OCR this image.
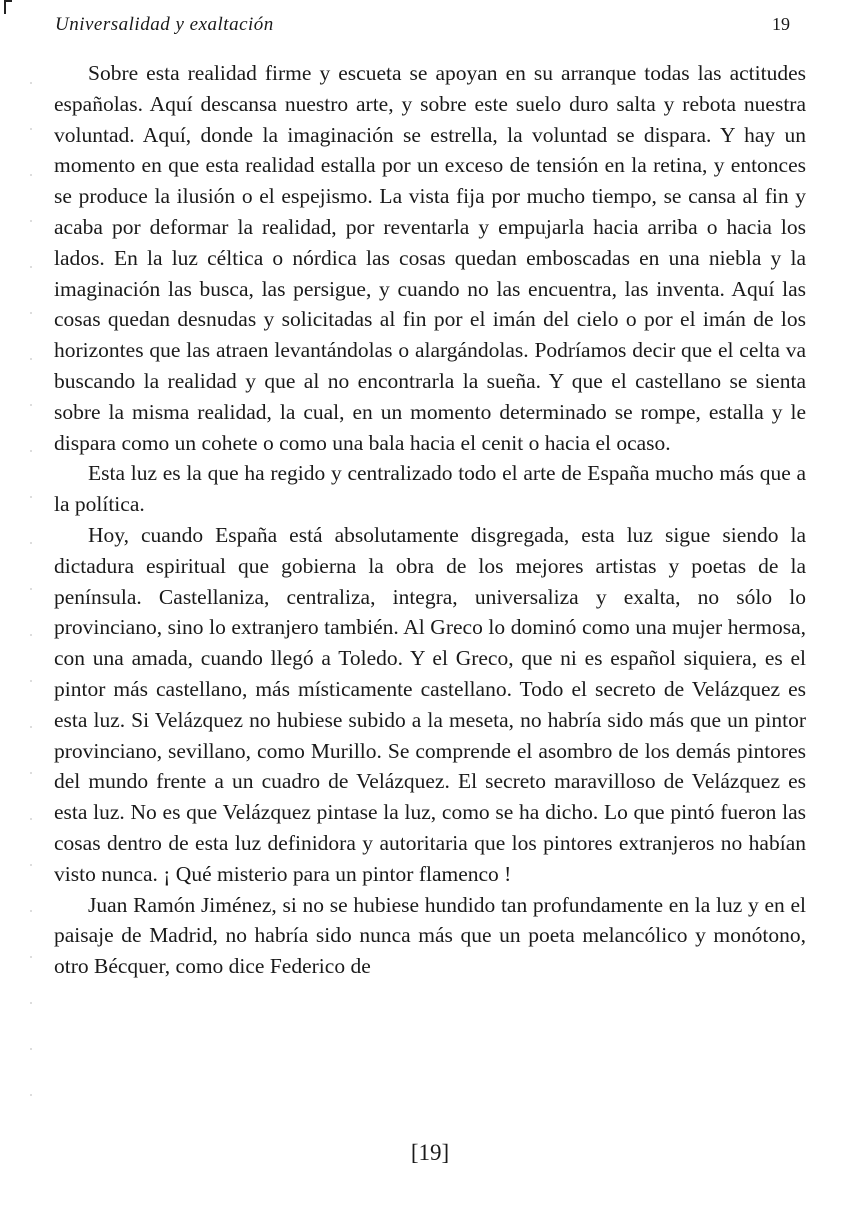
Universalidad y exaltación	19

Sobre esta realidad firme y escueta se apoyan en su arranque todas las actitudes españolas. Aquí descansa nuestro arte, y sobre este suelo duro salta y rebota nuestra voluntad. Aquí, donde la imaginación se estrella, la voluntad se dispara. Y hay un momento en que esta realidad estalla por un exceso de tensión en la retina, y entonces se produce la ilusión o el espejismo. La vista fija por mucho tiempo, se cansa al fin y acaba por deformar la realidad, por reventarla y empujarla hacia arriba o hacia los lados. En la luz céltica o nórdica las cosas quedan emboscadas en una niebla y la imaginación las busca, las persigue, y cuando no las encuentra, las inventa. Aquí las cosas quedan desnudas y solicitadas al fin por el imán del cielo o por el imán de los horizontes que las atraen levantándolas o alargándolas. Podríamos decir que el celta va buscando la realidad y que al no encontrarla la sueña. Y que el castellano se sienta sobre la misma realidad, la cual, en un momento determinado se rompe, estalla y le dispara como un cohete o como una bala hacia el cenit o hacia el ocaso.

Esta luz es la que ha regido y centralizado todo el arte de España mucho más que a la política.

Hoy, cuando España está absolutamente disgregada, esta luz sigue siendo la dictadura espiritual que gobierna la obra de los mejores artistas y poetas de la península. Castellaniza, centraliza, integra, universaliza y exalta, no sólo lo provinciano, sino lo extranjero también. Al Greco lo dominó como una mujer hermosa, con una amada, cuando llegó a Toledo. Y el Greco, que ni es español siquiera, es el pintor más castellano, más místicamente castellano. Todo el secreto de Velázquez es esta luz. Si Velázquez no hubiese subido a la meseta, no habría sido más que un pintor provinciano, sevillano, como Murillo. Se comprende el asombro de los demás pintores del mundo frente a un cuadro de Velázquez. El secreto maravilloso de Velázquez es esta luz. No es que Velázquez pintase la luz, como se ha dicho. Lo que pintó fueron las cosas dentro de esta luz definidora y autoritaria que los pintores extranjeros no habían visto nunca. ¡ Qué misterio para un pintor flamenco !

Juan Ramón Jiménez, si no se hubiese hundido tan profundamente en la luz y en el paisaje de Madrid, no habría sido nunca más que un poeta melancólico y monótono, otro Bécquer, como dice Federico de

[19]
